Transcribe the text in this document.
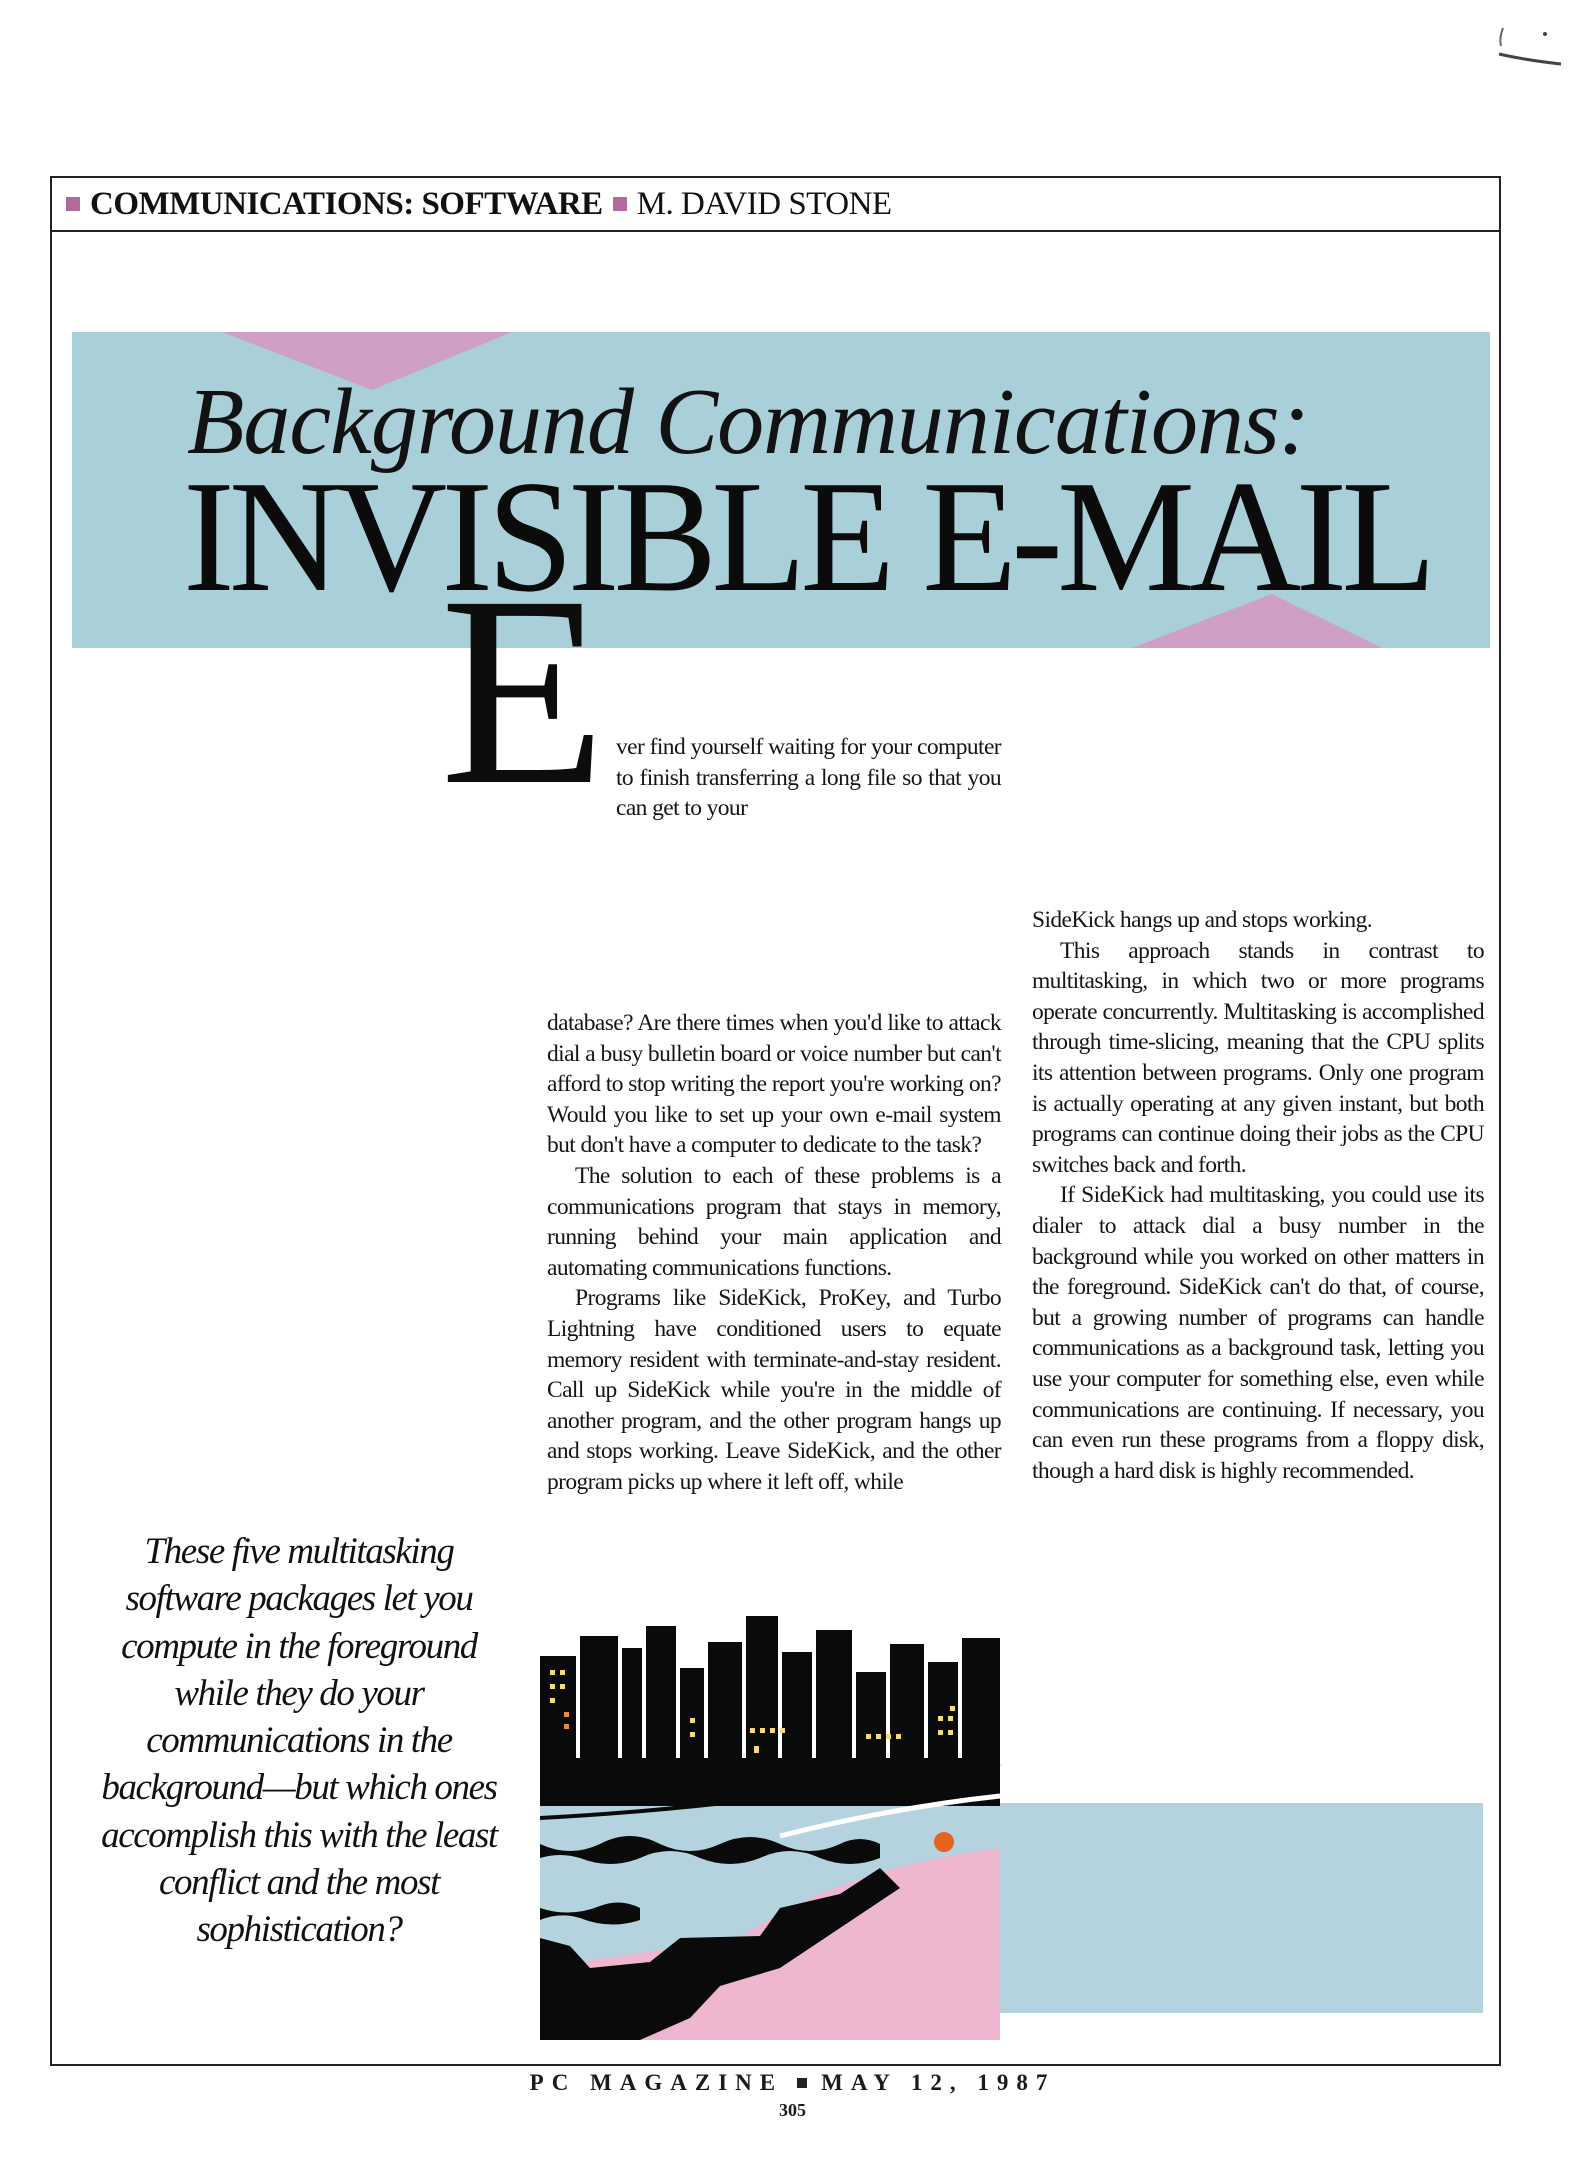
COMMUNICATIONS: SOFTWARE M. DAVID STONE
Background Communications:
INVISIBLE E-MAIL
E ver find yourself waiting for your computer to finish transferring a long file so that you can get to your

database? Are there times when you'd like to attack dial a busy bulletin board or voice number but can't afford to stop writing the report you're working on? Would you like to set up your own e-mail system but don't have a computer to dedicate to the task?

The solution to each of these problems is a communications program that stays in memory, running behind your main application and automating communications functions.

Programs like SideKick, ProKey, and Turbo Lightning have conditioned users to equate memory resident with terminate-and-stay resident. Call up SideKick while you're in the middle of another program, and the other program hangs up and stops working. Leave SideKick, and the other program picks up where it left off, while

SideKick hangs up and stops working.

This approach stands in contrast to multitasking, in which two or more programs operate concurrently. Multitasking is accomplished through time-slicing, meaning that the CPU splits its attention between programs. Only one program is actually operating at any given instant, but both programs can continue doing their jobs as the CPU switches back and forth.

If SideKick had multitasking, you could use its dialer to attack dial a busy number in the background while you worked on other matters in the foreground. SideKick can't do that, of course, but a growing number of programs can handle communications as a background task, letting you use your computer for something else, even while communications are continuing. If necessary, you can even run these programs from a floppy disk, though a hard disk is highly recommended.

These five multitasking software packages let you compute in the foreground while they do your communications in the background—but which ones accomplish this with the least conflict and the most sophistication?
PC MAGAZINE MAY 12, 1987
305
